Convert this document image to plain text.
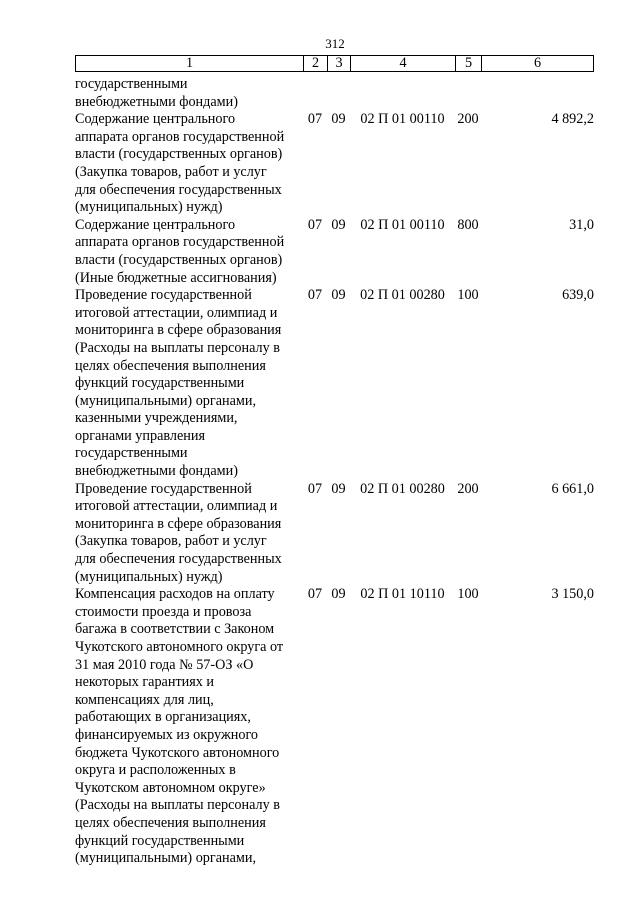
312
1	2	3	4	5	6
государственными
внебюджетными фондами)
Содержание центрального
аппарата органов государственной
власти (государственных органов)
(Закупка товаров, работ и услуг
для обеспечения государственных
(муниципальных) нужд)
07 09	02 П 01 00110 200	4 892,2
Содержание центрального
аппарата органов государственной
власти (государственных органов)
(Иные бюджетные ассигнования)
07 09	02 П 01 00110 800	31,0
Проведение государственной
итоговой аттестации, олимпиад и
мониторинга в сфере образования
(Расходы на выплаты персоналу в
целях обеспечения выполнения
функций государственными
(муниципальными) органами,
казенными учреждениями,
органами управления
государственными
внебюджетными фондами)
07 09	02 П 01 00280 100	639,0
Проведение государственной
итоговой аттестации, олимпиад и
мониторинга в сфере образования
(Закупка товаров, работ и услуг
для обеспечения государственных
(муниципальных) нужд)
07 09	02 П 01 00280 200	6 661,0
Компенсация расходов на оплату
стоимости проезда и провоза
багажа в соответствии с Законом
Чукотского автономного округа от
31 мая 2010 года № 57-ОЗ «О
некоторых гарантиях и
компенсациях для лиц,
работающих в организациях,
финансируемых из окружного
бюджета Чукотского автономного
округа и расположенных в
Чукотском автономном округе»
(Расходы на выплаты персоналу в
целях обеспечения выполнения
функций государственными
(муниципальными) органами,
07 09	02 П 01 10110 100	3 150,0
